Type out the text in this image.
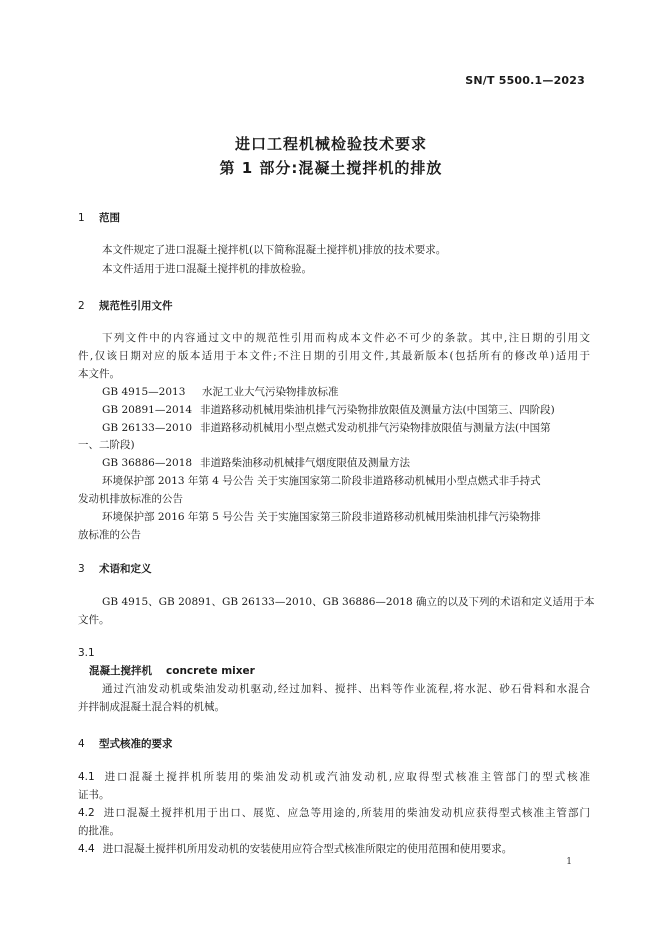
SN/T 5500.1—2023
进口工程机械检验技术要求
第 1 部分:混凝土搅拌机的排放
1 范围
本文件规定了进口混凝土搅拌机(以下简称混凝土搅拌机)排放的技术要求。
本文件适用于进口混凝土搅拌机的排放检验。
2 规范性引用文件
下列文件中的内容通过文中的规范性引用而构成本文件必不可少的条款。其中,注日期的引用文
件,仅该日期对应的版本适用于本文件;不注日期的引用文件,其最新版本(包括所有的修改单)适用于
本文件。
GB 4915—2013 水泥工业大气污染物排放标准
GB 20891—2014 非道路移动机械用柴油机排气污染物排放限值及测量方法(中国第三、四阶段)
GB 26133—2010 非道路移动机械用小型点燃式发动机排气污染物排放限值与测量方法(中国第
一、二阶段)
GB 36886—2018 非道路柴油移动机械排气烟度限值及测量方法
环境保护部 2013 年第 4 号公告 关于实施国家第二阶段非道路移动机械用小型点燃式非手持式
发动机排放标准的公告
环境保护部 2016 年第 5 号公告 关于实施国家第三阶段非道路移动机械用柴油机排气污染物排
放标准的公告
3 术语和定义
GB 4915、GB 20891、GB 26133—2010、GB 36886—2018 确立的以及下列的术语和定义适用于本
文件。
3.1
混凝土搅拌机 concrete mixer
通过汽油发动机或柴油发动机驱动,经过加料、搅拌、出料等作业流程,将水泥、砂石骨料和水混合
并拌制成混凝土混合料的机械。
4 型式核准的要求
4.1 进口混凝土搅拌机所装用的柴油发动机或汽油发动机,应取得型式核准主管部门的型式核准
证书。
4.2 进口混凝土搅拌机用于出口、展览、应急等用途的,所装用的柴油发动机应获得型式核准主管部门
的批准。
4.4 进口混凝土搅拌机所用发动机的安装使用应符合型式核准所限定的使用范围和使用要求。
1
